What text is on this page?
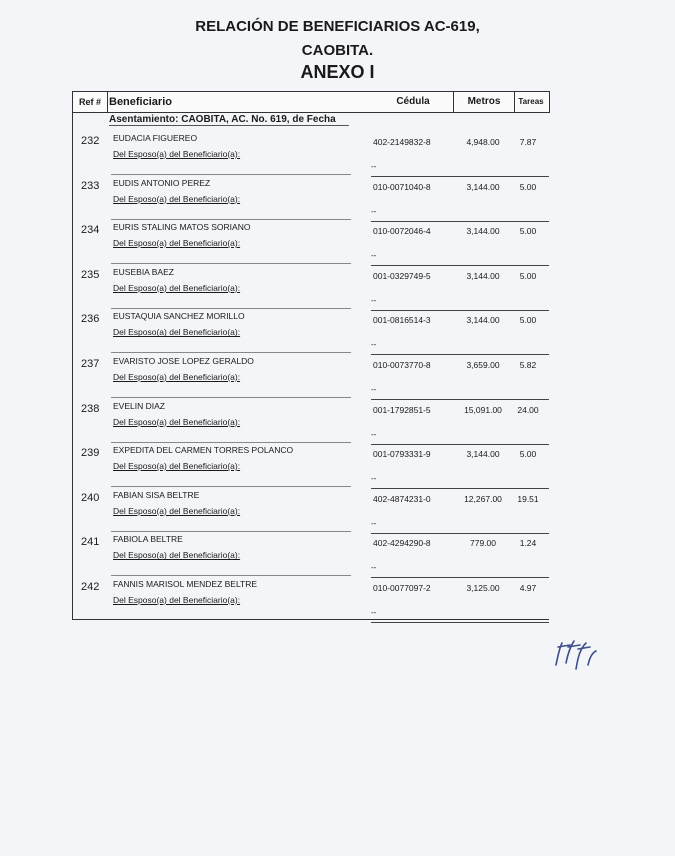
RELACIÓN DE BENEFICIARIOS AC-619,
CAOBITA.
ANEXO I
Ref # Beneficiario	Cédula	Metros	Tareas
Asentamiento: CAOBITA, AC. No. 619, de Fecha
232 EUDACIA FIGUEREO
Del Esposo(a) del Beneficiario(a):
402-2149832-8	4,948.00	7.87
--
233 EUDIS ANTONIO PEREZ
Del Esposo(a) del Beneficiario(a):
010-0071040-8	3,144.00	5.00
--
234 EURIS STALING MATOS SORIANO
Del Esposo(a) del Beneficiario(a):
010-0072046-4	3,144.00	5.00
--
235 EUSEBIA BAEZ
Del Esposo(a) del Beneficiario(a):
001-0329749-5	3,144.00	5.00
--
236 EUSTAQUIA SANCHEZ MORILLO
Del Esposo(a) del Beneficiario(a):
001-0816514-3	3,144.00	5.00
--
237 EVARISTO JOSE LOPEZ GERALDO
Del Esposo(a) del Beneficiario(a):
010-0073770-8	3,659.00	5.82
--
238 EVELIN DIAZ
Del Esposo(a) del Beneficiario(a):
001-1792851-5	15,091.00	24.00
--
239 EXPEDITA DEL CARMEN TORRES POLANCO
Del Esposo(a) del Beneficiario(a):
001-0793331-9	3,144.00	5.00
--
240 FABIAN SISA BELTRE
Del Esposo(a) del Beneficiario(a):
402-4874231-0	12,267.00	19.51
--
241 FABIOLA BELTRE
Del Esposo(a) del Beneficiario(a):
402-4294290-8	779.00	1.24
--
242 FANNIS MARISOL MENDEZ BELTRE
Del Esposo(a) del Beneficiario(a):
010-0077097-2	3,125.00	4.97
--
